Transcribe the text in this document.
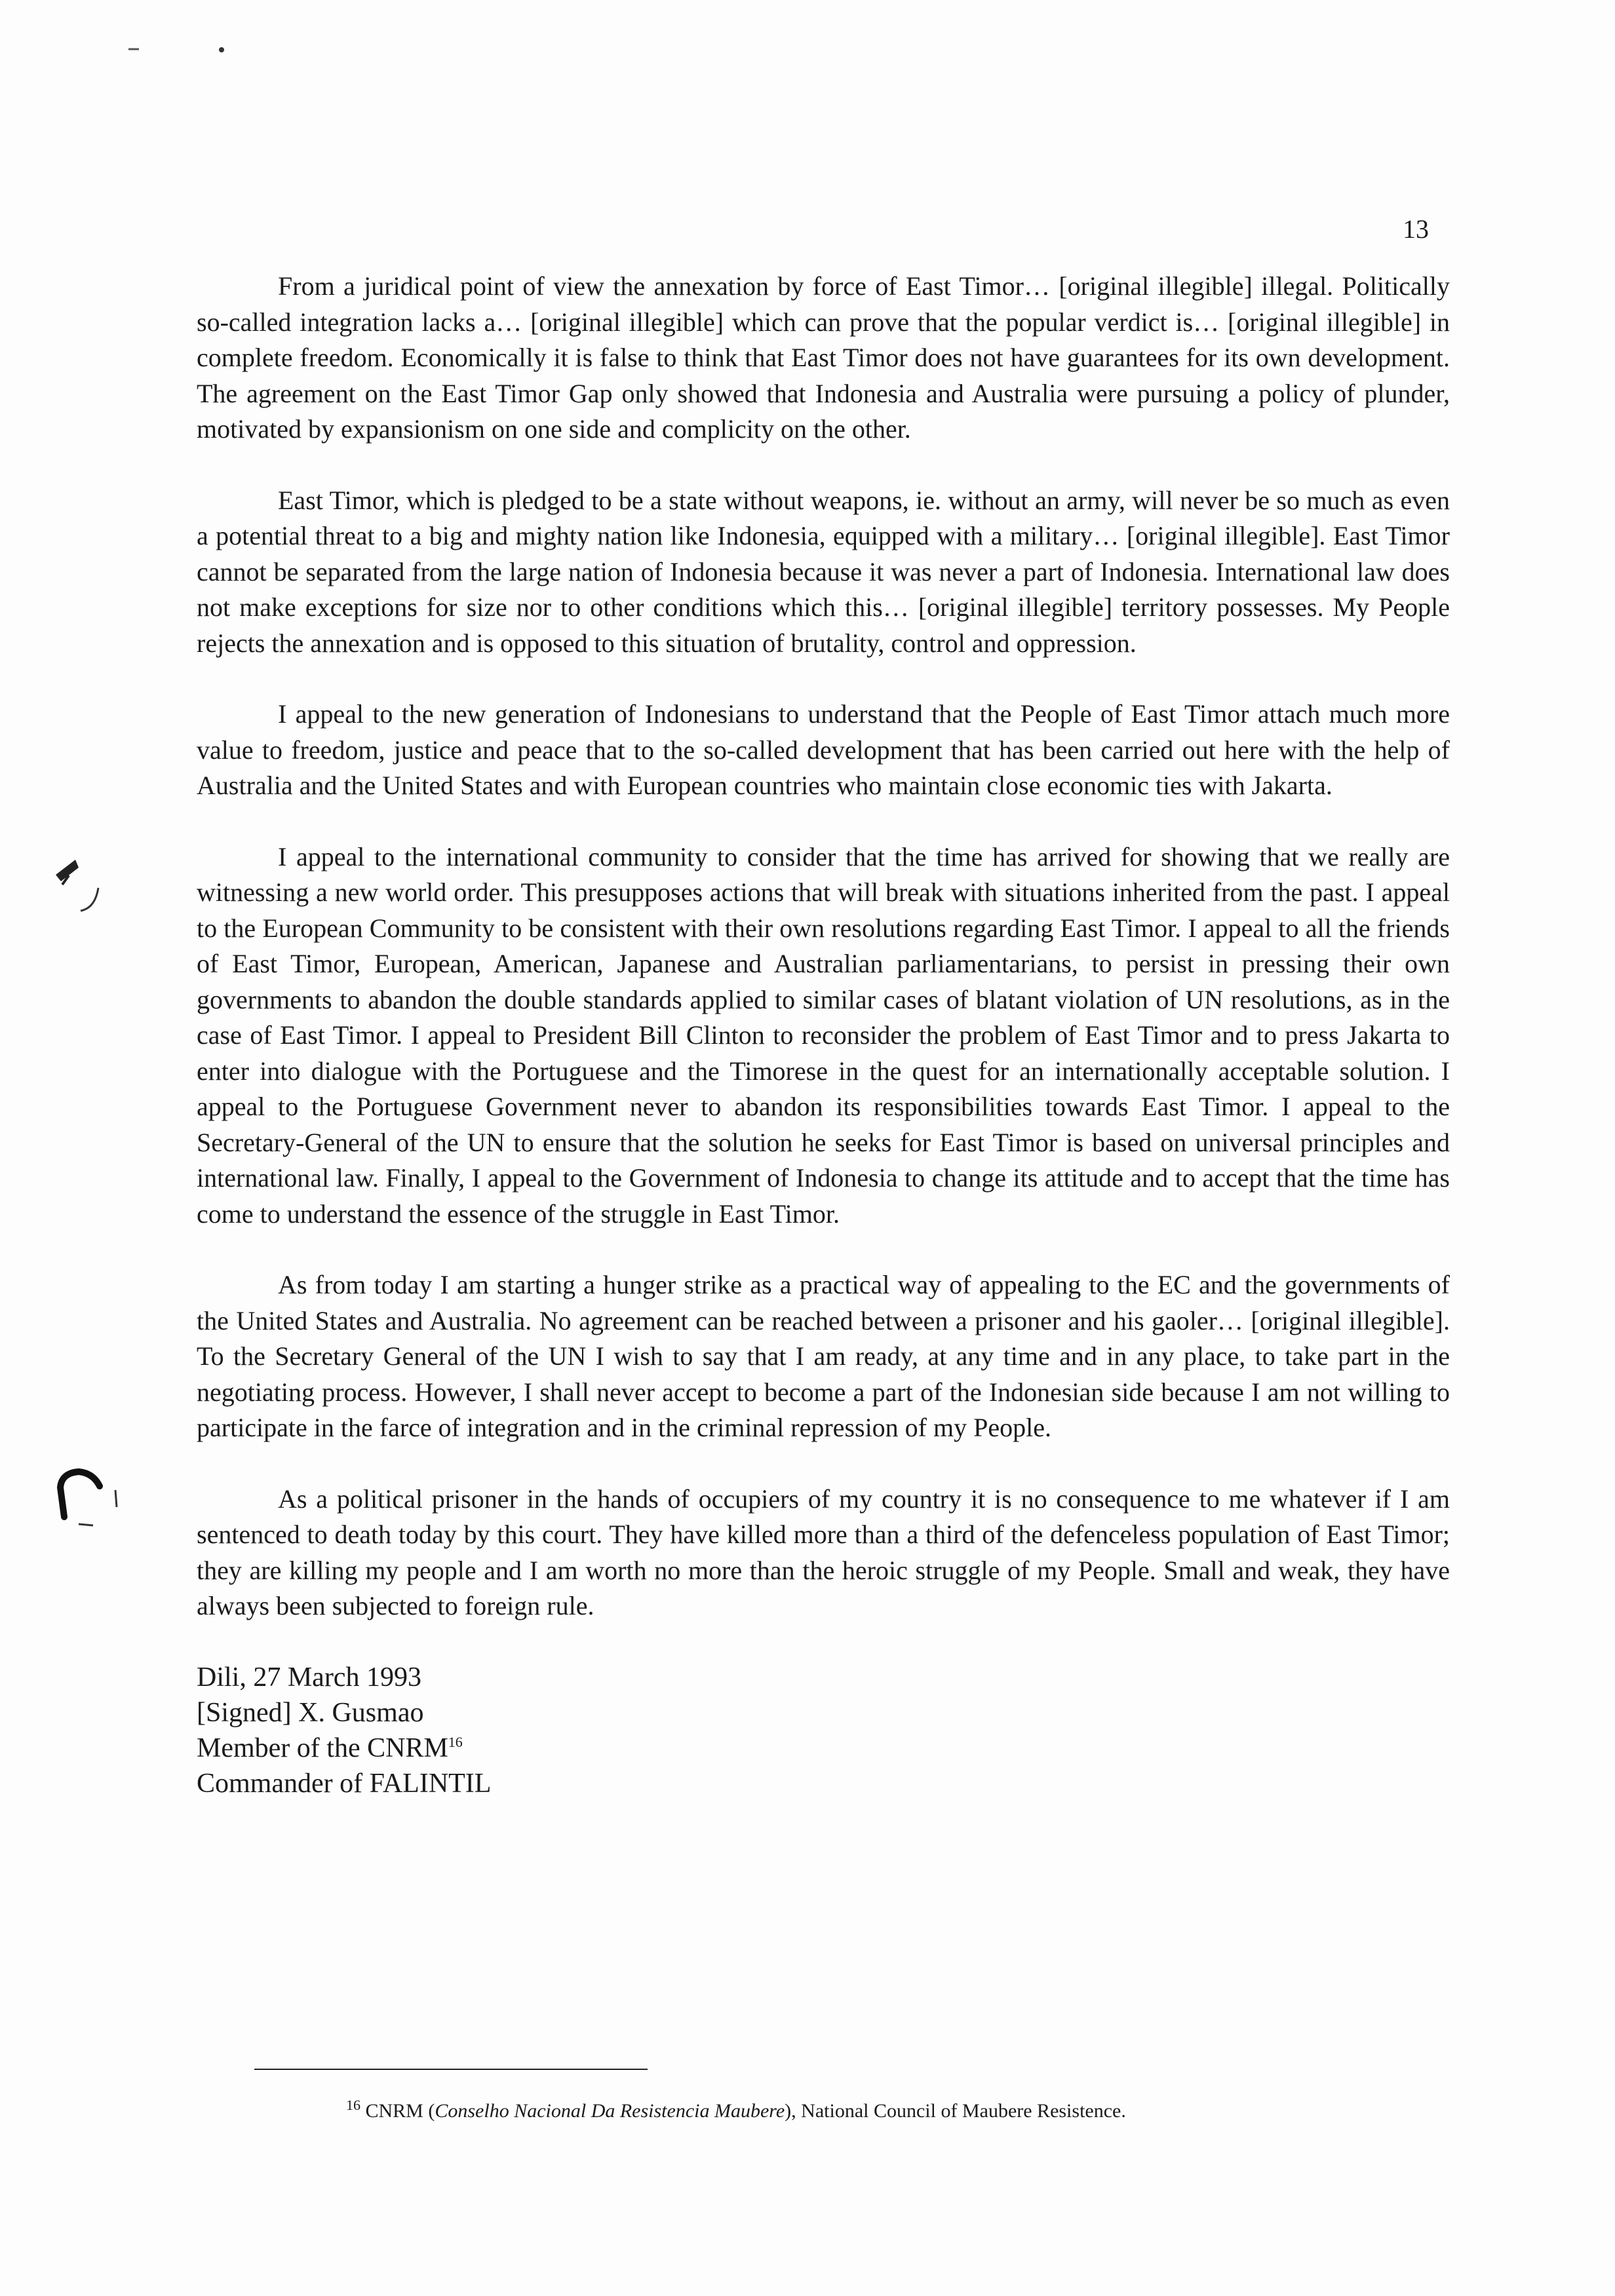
13

From a juridical point of view the annexation by force of East Timor… [original illegible] illegal. Politically so-called integration lacks a… [original illegible] which can prove that the popular verdict is… [original illegible] in complete freedom. Economically it is false to think that East Timor does not have guarantees for its own development. The agreement on the East Timor Gap only showed that Indonesia and Australia were pursuing a policy of plunder, motivated by expansionism on one side and complicity on the other.

East Timor, which is pledged to be a state without weapons, ie. without an army, will never be so much as even a potential threat to a big and mighty nation like Indonesia, equipped with a military… [original illegible]. East Timor cannot be separated from the large nation of Indonesia because it was never a part of Indonesia. International law does not make exceptions for size nor to other conditions which this… [original illegible] territory possesses. My People rejects the annexation and is opposed to this situation of brutality, control and oppression.

I appeal to the new generation of Indonesians to understand that the People of East Timor attach much more value to freedom, justice and peace that to the so-called development that has been carried out here with the help of Australia and the United States and with European countries who maintain close economic ties with Jakarta.

I appeal to the international community to consider that the time has arrived for showing that we really are witnessing a new world order. This presupposes actions that will break with situations inherited from the past. I appeal to the European Community to be consistent with their own resolutions regarding East Timor. I appeal to all the friends of East Timor, European, American, Japanese and Australian parliamentarians, to persist in pressing their own governments to abandon the double standards applied to similar cases of blatant violation of UN resolutions, as in the case of East Timor. I appeal to President Bill Clinton to reconsider the problem of East Timor and to press Jakarta to enter into dialogue with the Portuguese and the Timorese in the quest for an internationally acceptable solution. I appeal to the Portuguese Government never to abandon its responsibilities towards East Timor. I appeal to the Secretary-General of the UN to ensure that the solution he seeks for East Timor is based on universal principles and international law. Finally, I appeal to the Government of Indonesia to change its attitude and to accept that the time has come to understand the essence of the struggle in East Timor.

As from today I am starting a hunger strike as a practical way of appealing to the EC and the governments of the United States and Australia. No agreement can be reached between a prisoner and his gaoler… [original illegible]. To the Secretary General of the UN I wish to say that I am ready, at any time and in any place, to take part in the negotiating process. However, I shall never accept to become a part of the Indonesian side because I am not willing to participate in the farce of integration and in the criminal repression of my People.

As a political prisoner in the hands of occupiers of my country it is no consequence to me whatever if I am sentenced to death today by this court. They have killed more than a third of the defenceless population of East Timor; they are killing my people and I am worth no more than the heroic struggle of my People. Small and weak, they have always been subjected to foreign rule.

Dili, 27 March 1993
[Signed] X. Gusmao
Member of the CNRM$^{16}$
Commander of FALINTIL
$^{16}$ CNRM (Conselho Nacional Da Resistencia Maubere), National Council of Maubere Resistence.
